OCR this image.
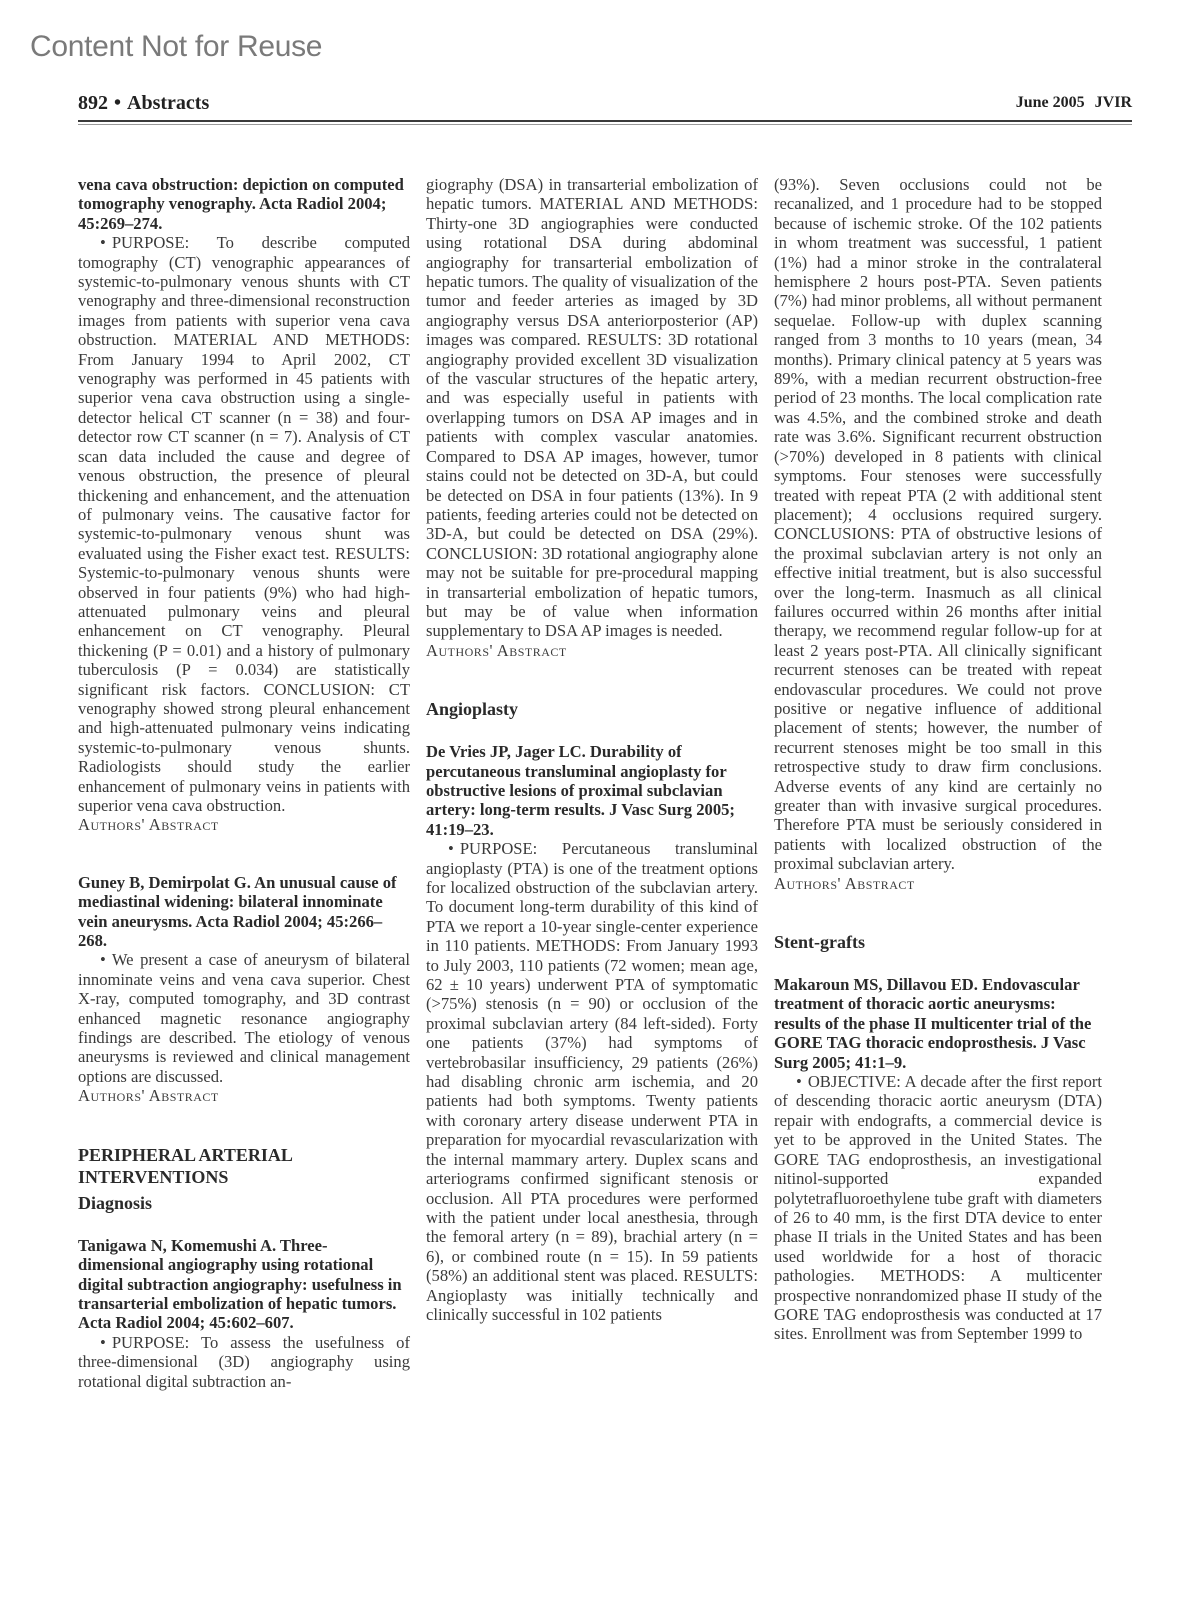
Content Not for Reuse
892 • Abstracts	June 2005 JVIR

vena cava obstruction: depiction on computed tomography venography. Acta Radiol 2004; 45:269–274.

• PURPOSE: To describe computed tomography (CT) venographic appearances of systemic-to-pulmonary venous shunts with CT venography and three-dimensional reconstruction images from patients with superior vena cava obstruction. MATERIAL AND METHODS: From January 1994 to April 2002, CT venography was performed in 45 patients with superior vena cava obstruction using a single-detector helical CT scanner (n = 38) and four-detector row CT scanner (n = 7). Analysis of CT scan data included the cause and degree of venous obstruction, the presence of pleural thickening and enhancement, and the attenuation of pulmonary veins. The causative factor for systemic-to-pulmonary venous shunt was evaluated using the Fisher exact test. RESULTS: Systemic-to-pulmonary venous shunts were observed in four patients (9%) who had high-attenuated pulmonary veins and pleural enhancement on CT venography. Pleural thickening (P = 0.01) and a history of pulmonary tuberculosis (P = 0.034) are statistically significant risk factors. CONCLUSION: CT venography showed strong pleural enhancement and high-attenuated pulmonary veins indicating systemic-to-pulmonary venous shunts. Radiologists should study the earlier enhancement of pulmonary veins in patients with superior vena cava obstruction.

Authors' Abstract

Guney B, Demirpolat G. An unusual cause of mediastinal widening: bilateral innominate vein aneurysms. Acta Radiol 2004; 45:266–268.

• We present a case of aneurysm of bilateral innominate veins and vena cava superior. Chest X-ray, computed tomography, and 3D contrast enhanced magnetic resonance angiography findings are described. The etiology of venous aneurysms is reviewed and clinical management options are discussed.

Authors' Abstract

PERIPHERAL ARTERIAL
INTERVENTIONS

Diagnosis

Tanigawa N, Komemushi A. Three-dimensional angiography using rotational digital subtraction angiography: usefulness in transarterial embolization of hepatic tumors. Acta Radiol 2004; 45:602–607.

• PURPOSE: To assess the usefulness of three-dimensional (3D) angiography using rotational digital subtraction an-

giography (DSA) in transarterial embolization of hepatic tumors. MATERIAL AND METHODS: Thirty-one 3D angiographies were conducted using rotational DSA during abdominal angiography for transarterial embolization of hepatic tumors. The quality of visualization of the tumor and feeder arteries as imaged by 3D angiography versus DSA anteriorposterior (AP) images was compared. RESULTS: 3D rotational angiography provided excellent 3D visualization of the vascular structures of the hepatic artery, and was especially useful in patients with overlapping tumors on DSA AP images and in patients with complex vascular anatomies. Compared to DSA AP images, however, tumor stains could not be detected on 3D-A, but could be detected on DSA in four patients (13%). In 9 patients, feeding arteries could not be detected on 3D-A, but could be detected on DSA (29%). CONCLUSION: 3D rotational angiography alone may not be suitable for pre-procedural mapping in transarterial embolization of hepatic tumors, but may be of value when information supplementary to DSA AP images is needed.

Authors' Abstract

Angioplasty

De Vries JP, Jager LC. Durability of percutaneous transluminal angioplasty for obstructive lesions of proximal subclavian artery: long-term results. J Vasc Surg 2005; 41:19–23.

• PURPOSE: Percutaneous transluminal angioplasty (PTA) is one of the treatment options for localized obstruction of the subclavian artery. To document long-term durability of this kind of PTA we report a 10-year single-center experience in 110 patients. METHODS: From January 1993 to July 2003, 110 patients (72 women; mean age, 62 ± 10 years) underwent PTA of symptomatic (>75%) stenosis (n = 90) or occlusion of the proximal subclavian artery (84 left-sided). Forty one patients (37%) had symptoms of vertebrobasilar insufficiency, 29 patients (26%) had disabling chronic arm ischemia, and 20 patients had both symptoms. Twenty patients with coronary artery disease underwent PTA in preparation for myocardial revascularization with the internal mammary artery. Duplex scans and arteriograms confirmed significant stenosis or occlusion. All PTA procedures were performed with the patient under local anesthesia, through the femoral artery (n = 89), brachial artery (n = 6), or combined route (n = 15). In 59 patients (58%) an additional stent was placed. RESULTS: Angioplasty was initially technically and clinically successful in 102 patients

(93%). Seven occlusions could not be recanalized, and 1 procedure had to be stopped because of ischemic stroke. Of the 102 patients in whom treatment was successful, 1 patient (1%) had a minor stroke in the contralateral hemisphere 2 hours post-PTA. Seven patients (7%) had minor problems, all without permanent sequelae. Follow-up with duplex scanning ranged from 3 months to 10 years (mean, 34 months). Primary clinical patency at 5 years was 89%, with a median recurrent obstruction-free period of 23 months. The local complication rate was 4.5%, and the combined stroke and death rate was 3.6%. Significant recurrent obstruction (>70%) developed in 8 patients with clinical symptoms. Four stenoses were successfully treated with repeat PTA (2 with additional stent placement); 4 occlusions required surgery. CONCLUSIONS: PTA of obstructive lesions of the proximal subclavian artery is not only an effective initial treatment, but is also successful over the long-term. Inasmuch as all clinical failures occurred within 26 months after initial therapy, we recommend regular follow-up for at least 2 years post-PTA. All clinically significant recurrent stenoses can be treated with repeat endovascular procedures. We could not prove positive or negative influence of additional placement of stents; however, the number of recurrent stenoses might be too small in this retrospective study to draw firm conclusions. Adverse events of any kind are certainly no greater than with invasive surgical procedures. Therefore PTA must be seriously considered in patients with localized obstruction of the proximal subclavian artery.

Authors' Abstract

Stent-grafts

Makaroun MS, Dillavou ED. Endovascular treatment of thoracic aortic aneurysms: results of the phase II multicenter trial of the GORE TAG thoracic endoprosthesis. J Vasc Surg 2005; 41:1–9.

• OBJECTIVE: A decade after the first report of descending thoracic aortic aneurysm (DTA) repair with endografts, a commercial device is yet to be approved in the United States. The GORE TAG endoprosthesis, an investigational nitinol-supported expanded polytetrafluoroethylene tube graft with diameters of 26 to 40 mm, is the first DTA device to enter phase II trials in the United States and has been used worldwide for a host of thoracic pathologies. METHODS: A multicenter prospective nonrandomized phase II study of the GORE TAG endoprosthesis was conducted at 17 sites. Enrollment was from September 1999 to
